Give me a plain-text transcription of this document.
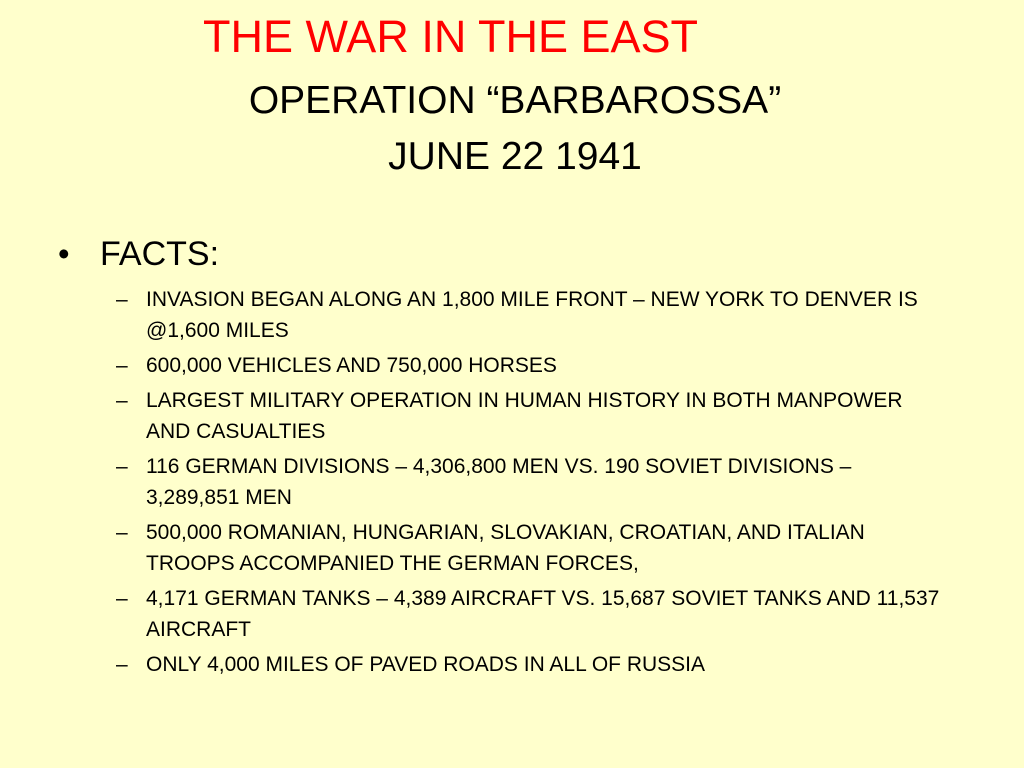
THE WAR IN THE EAST
OPERATION “BARBAROSSA”
JUNE 22 1941
• FACTS:
– INVASION BEGAN ALONG AN 1,800 MILE FRONT – NEW YORK TO DENVER IS @1,600 MILES
– 600,000 VEHICLES AND 750,000 HORSES
– LARGEST MILITARY OPERATION IN HUMAN HISTORY IN BOTH MANPOWER AND CASUALTIES
– 116 GERMAN DIVISIONS – 4,306,800 MEN VS. 190 SOVIET DIVISIONS – 3,289,851 MEN
– 500,000 ROMANIAN, HUNGARIAN, SLOVAKIAN, CROATIAN, AND ITALIAN TROOPS ACCOMPANIED THE GERMAN FORCES,
– 4,171 GERMAN TANKS – 4,389 AIRCRAFT VS. 15,687 SOVIET TANKS AND 11,537 AIRCRAFT
– ONLY 4,000 MILES OF PAVED ROADS IN ALL OF RUSSIA
